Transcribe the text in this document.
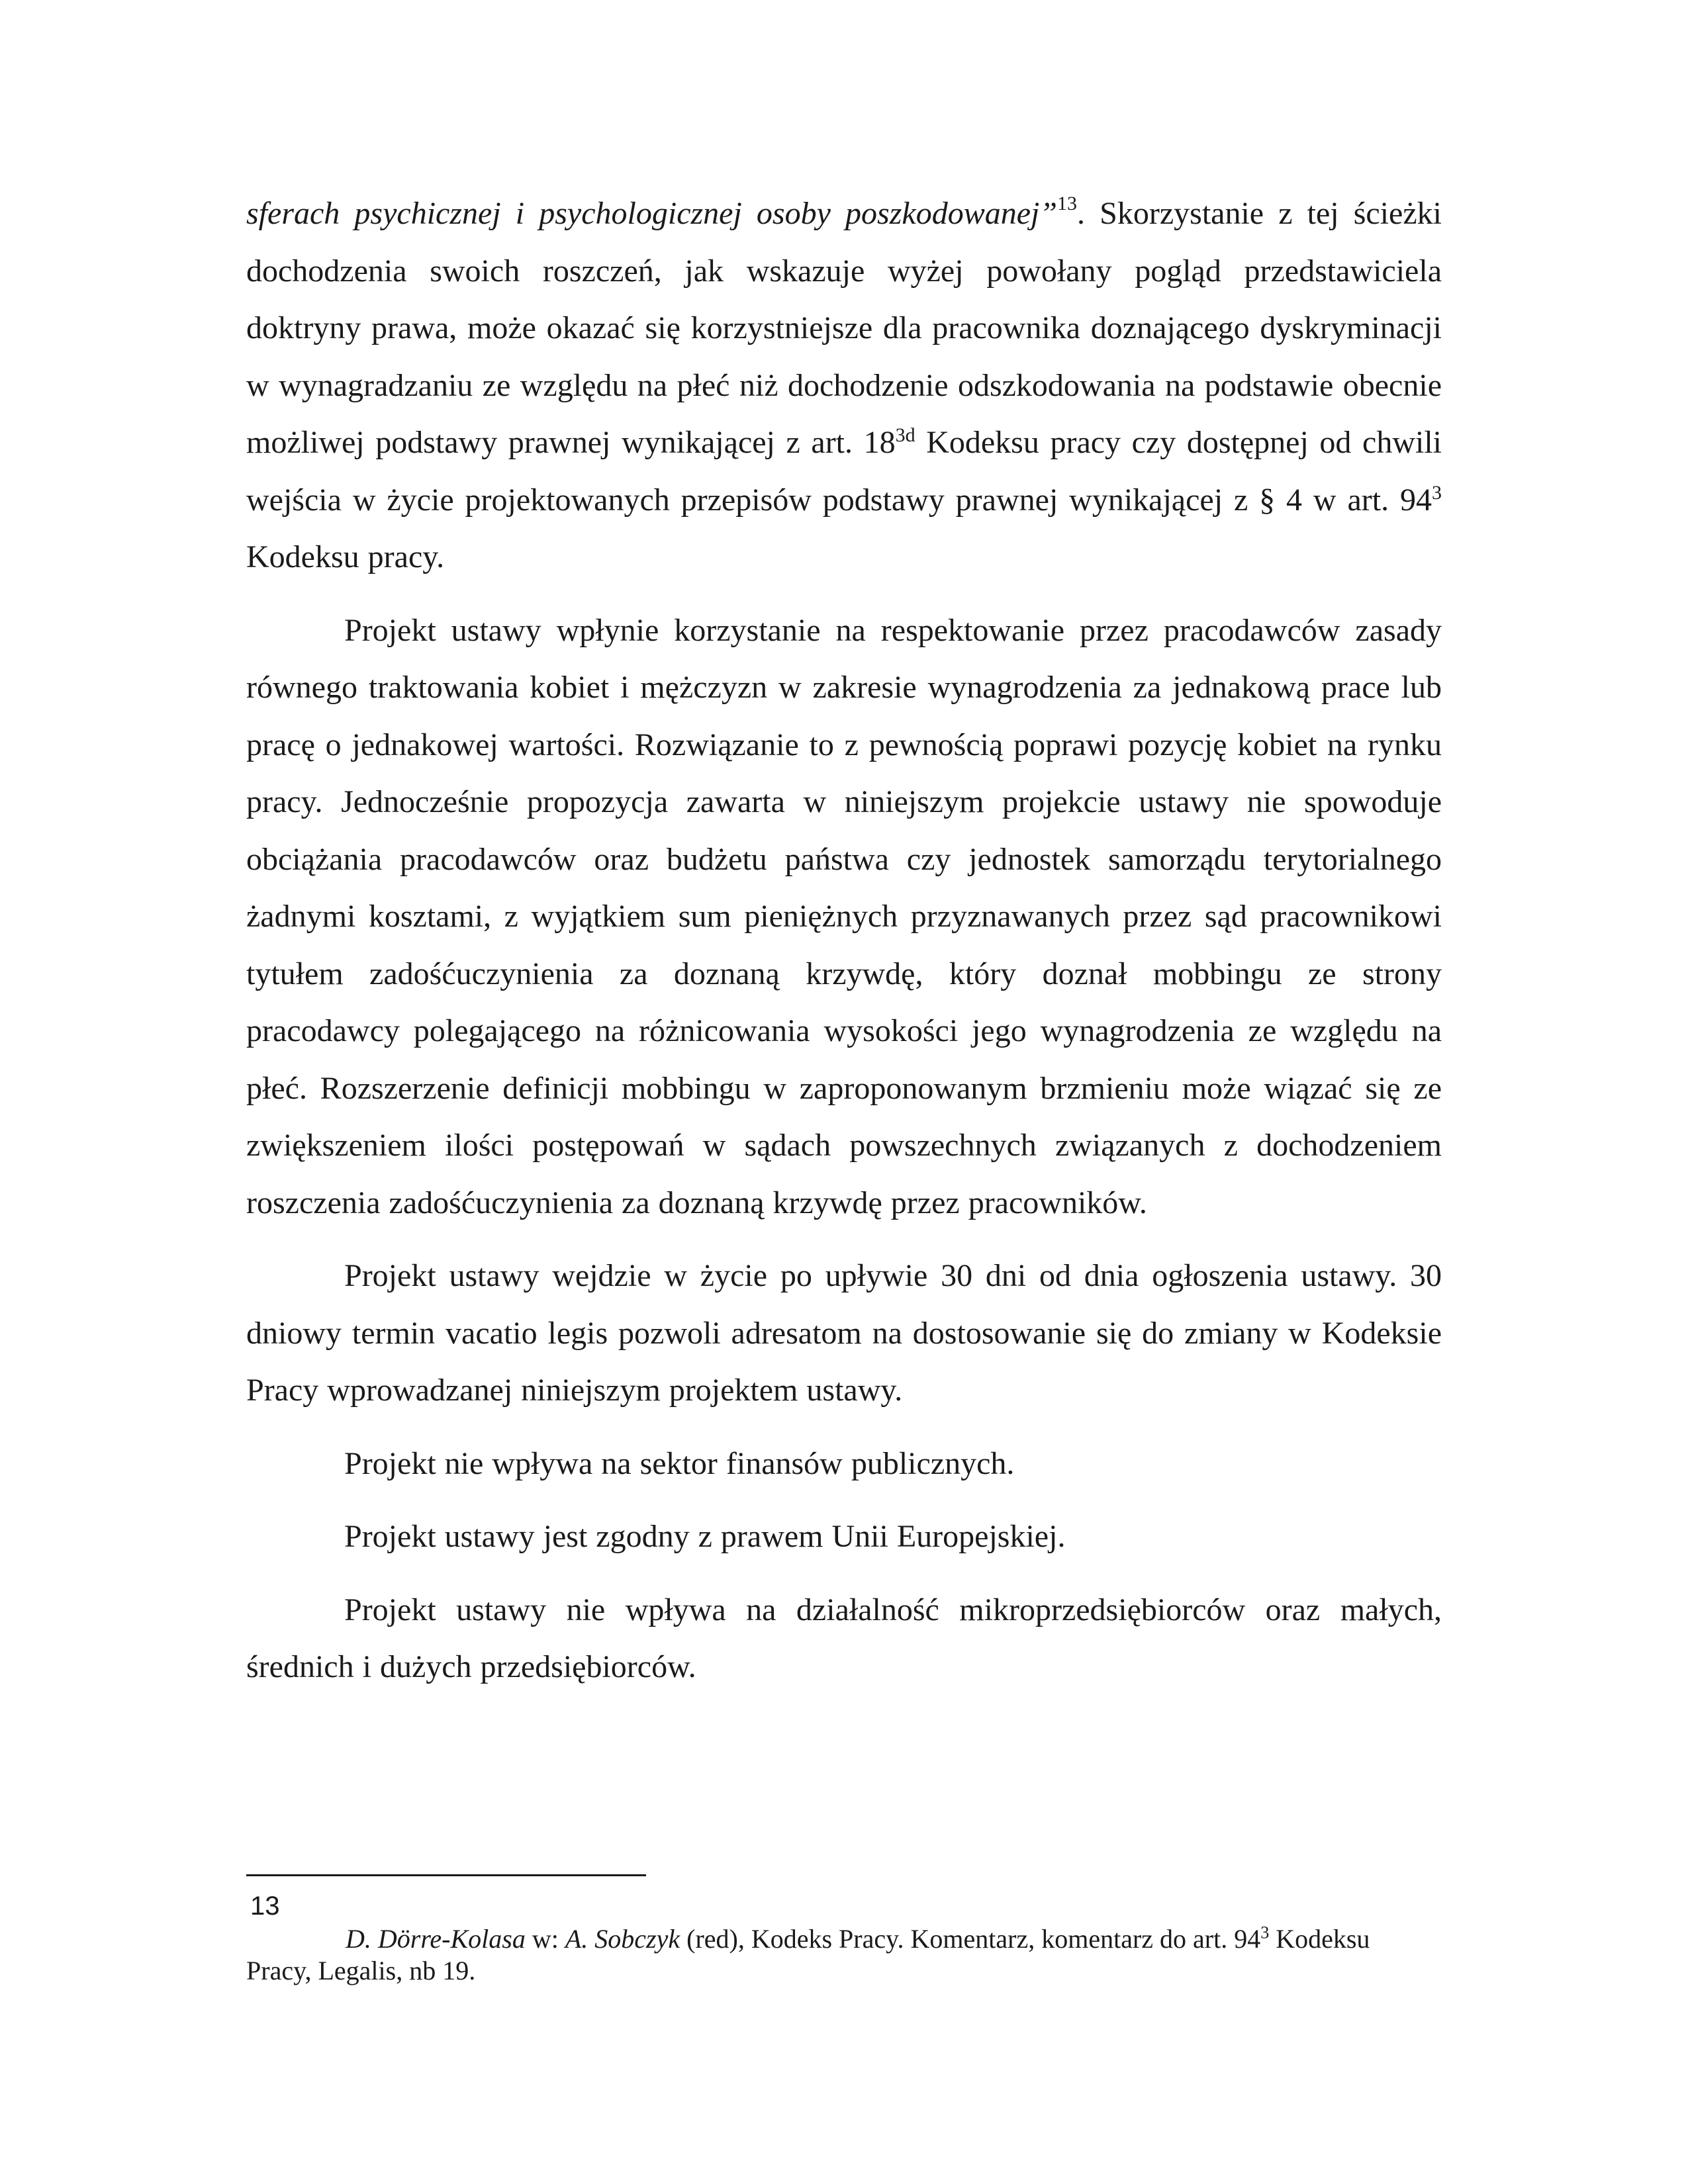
sferach psychicznej i psychologicznej osoby poszkodowanej”$^{13}$. Skorzystanie z tej ścieżki dochodzenia swoich roszczeń, jak wskazuje wyżej powołany pogląd przedstawiciela doktryny prawa, może okazać się korzystniejsze dla pracownika doznającego dyskryminacji w wynagradzaniu ze względu na płeć niż dochodzenie odszkodowania na podstawie obecnie możliwej podstawy prawnej wynikającej z art. $18^{3d}$ Kodeksu pracy czy dostępnej od chwili wejścia w życie projektowanych przepisów podstawy prawnej wynikającej z § 4 w art. $94^3$ Kodeksu pracy.

Projekt ustawy wpłynie korzystanie na respektowanie przez pracodawców zasady równego traktowania kobiet i mężczyzn w zakresie wynagrodzenia za jednakową prace lub pracę o jednakowej wartości. Rozwiązanie to z pewnością poprawi pozycję kobiet na rynku pracy. Jednocześnie propozycja zawarta w niniejszym projekcie ustawy nie spowoduje obciążania pracodawców oraz budżetu państwa czy jednostek samorządu terytorialnego żadnymi kosztami, z wyjątkiem sum pieniężnych przyznawanych przez sąd pracownikowi tytułem zadośćuczynienia za doznaną krzywdę, który doznał mobbingu ze strony pracodawcy polegającego na różnicowania wysokości jego wynagrodzenia ze względu na płeć. Rozszerzenie definicji mobbingu w zaproponowanym brzmieniu może wiązać się ze zwiększeniem ilości postępowań w sądach powszechnych związanych z dochodzeniem roszczenia zadośćuczynienia za doznaną krzywdę przez pracowników.

Projekt ustawy wejdzie w życie po upływie 30 dni od dnia ogłoszenia ustawy. 30 dniowy termin vacatio legis pozwoli adresatom na dostosowanie się do zmiany w Kodeksie Pracy wprowadzanej niniejszym projektem ustawy.

Projekt nie wpływa na sektor finansów publicznych.

Projekt ustawy jest zgodny z prawem Unii Europejskiej.

Projekt ustawy nie wpływa na działalność mikroprzedsiębiorców oraz małych, średnich i dużych przedsiębiorców.

13

D. Dörre-Kolasa w: A. Sobczyk (red), Kodeks Pracy. Komentarz, komentarz do art. $94^3$ Kodeksu Pracy, Legalis, nb 19.
